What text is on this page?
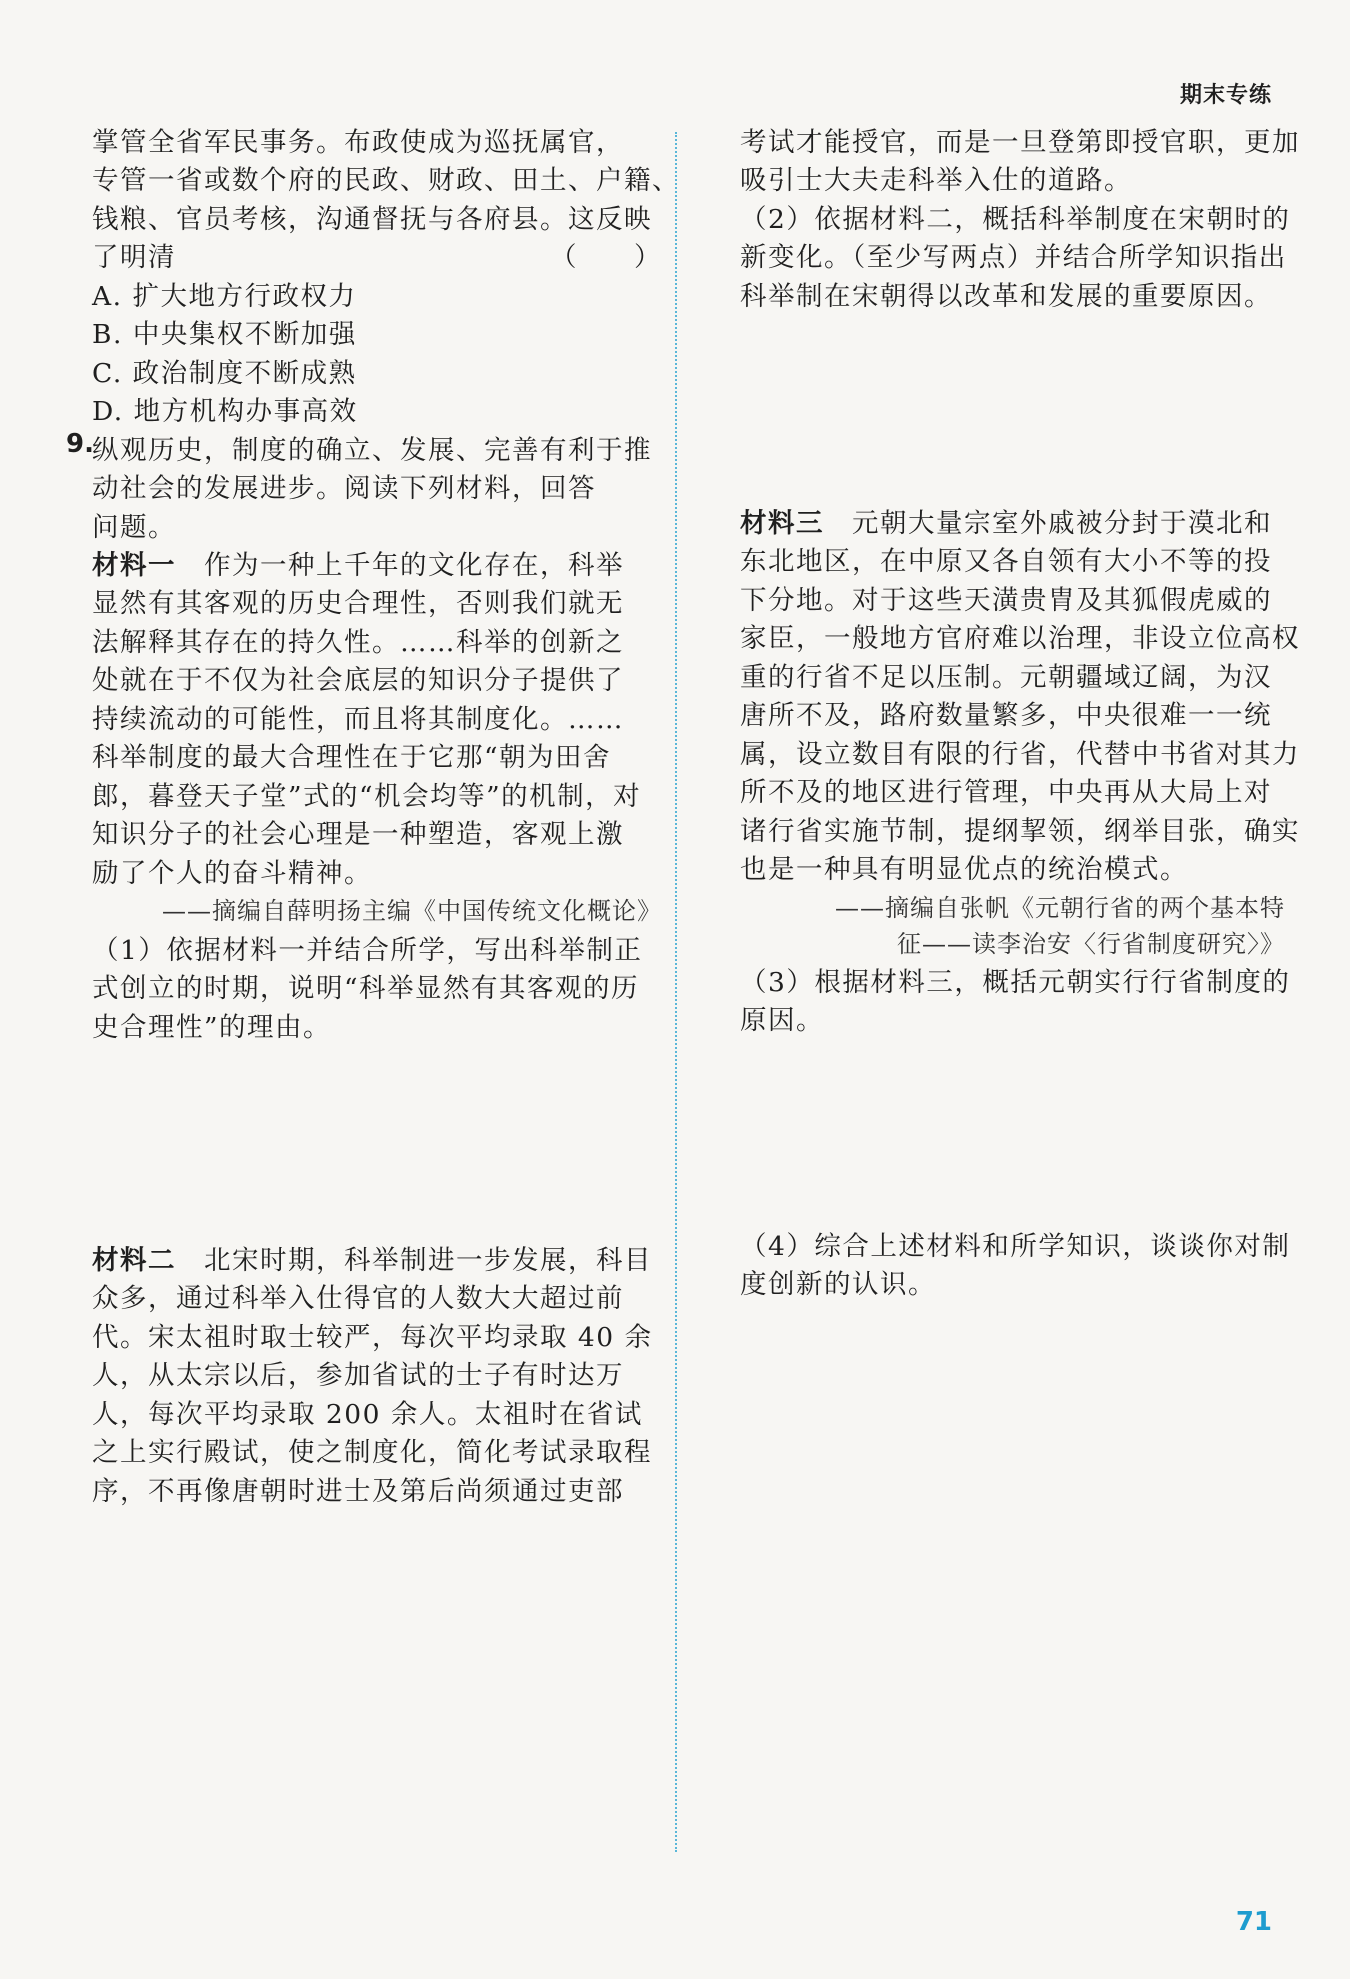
期末专练
掌管全省军民事务。布政使成为巡抚属官，
专管一省或数个府的民政、财政、田土、户籍、
钱粮、官员考核，沟通督抚与各府县。这反映
了明清	（　　）
A. 扩大地方行政权力
B. 中央集权不断加强
C. 政治制度不断成熟
D. 地方机构办事高效
9.
纵观历史，制度的确立、发展、完善有利于推
动社会的发展进步。阅读下列材料，回答
问题。
材料一　作为一种上千年的文化存在，科举
显然有其客观的历史合理性，否则我们就无
法解释其存在的持久性。……科举的创新之
处就在于不仅为社会底层的知识分子提供了
持续流动的可能性，而且将其制度化。……
科举制度的最大合理性在于它那“朝为田舍
郎，暮登天子堂”式的“机会均等”的机制，对
知识分子的社会心理是一种塑造，客观上激
励了个人的奋斗精神。
——摘编自薛明扬主编《中国传统文化概论》
（1）依据材料一并结合所学，写出科举制正
式创立的时期，说明“科举显然有其客观的历
史合理性”的理由。
材料二　北宋时期，科举制进一步发展，科目
众多，通过科举入仕得官的人数大大超过前
代。宋太祖时取士较严，每次平均录取 40 余
人，从太宗以后，参加省试的士子有时达万
人，每次平均录取 200 余人。太祖时在省试
之上实行殿试，使之制度化，简化考试录取程
序，不再像唐朝时进士及第后尚须通过吏部
考试才能授官，而是一旦登第即授官职，更加
吸引士大夫走科举入仕的道路。
（2）依据材料二，概括科举制度在宋朝时的
新变化。（至少写两点）并结合所学知识指出
科举制在宋朝得以改革和发展的重要原因。
材料三　元朝大量宗室外戚被分封于漠北和
东北地区，在中原又各自领有大小不等的投
下分地。对于这些天潢贵胄及其狐假虎威的
家臣，一般地方官府难以治理，非设立位高权
重的行省不足以压制。元朝疆域辽阔，为汉
唐所不及，路府数量繁多，中央很难一一统
属，设立数目有限的行省，代替中书省对其力
所不及的地区进行管理，中央再从大局上对
诸行省实施节制，提纲挈领，纲举目张，确实
也是一种具有明显优点的统治模式。
——摘编自张帆《元朝行省的两个基本特
征——读李治安〈行省制度研究〉》
（3）根据材料三，概括元朝实行行省制度的
原因。
（4）综合上述材料和所学知识，谈谈你对制
度创新的认识。
71
